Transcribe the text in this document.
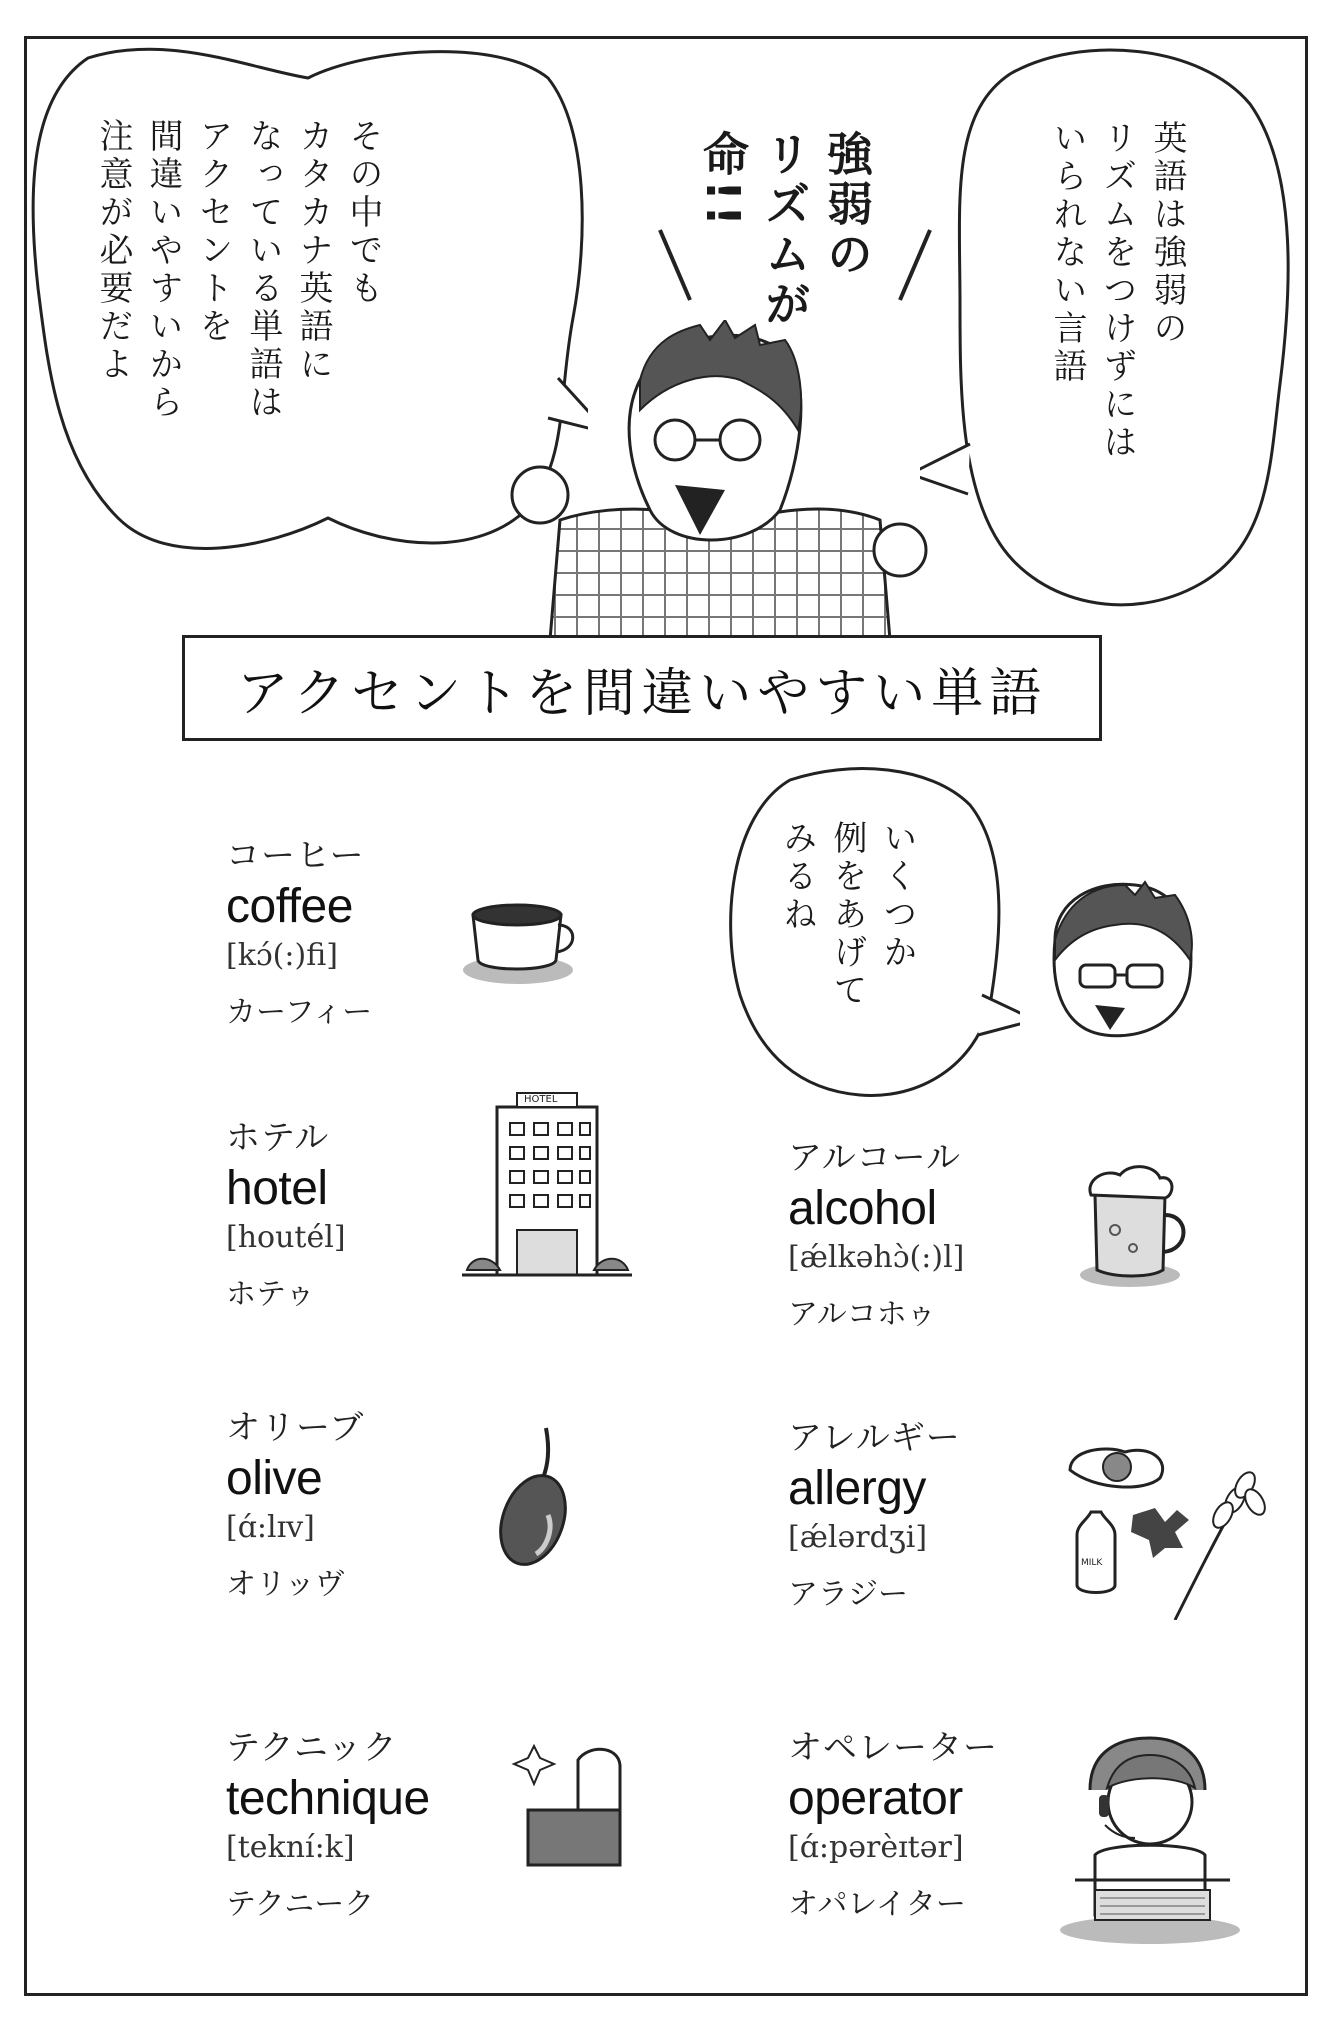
その中でも
カタカナ英語に
なっている単語は
アクセントを
間違いやすいから
注意が必要だよ	英語は強弱の
リズムをつけずには
いられない言語
強弱の
リズムが
命!!
アクセントを間違いやすい単語
いくつか
例をあげて
みるね
コーヒー
coffee
[kɔ́(:)fi]
カーフィー
ホテル
hotel
[houtél]
ホテゥ
HOTEL
オリーブ
olive
[ɑ́:lɪv]
オリッヴ
テクニック
technique
[tekní:k]
テクニーク
アルコール
alcohol
[ǽlkəhɔ̀(:)l]
アルコホゥ
アレルギー
allergy
[ǽlərdʒi]
アラジー
MILK
オペレーター
operator
[ɑ́:pərèɪtər]
オパレイター
